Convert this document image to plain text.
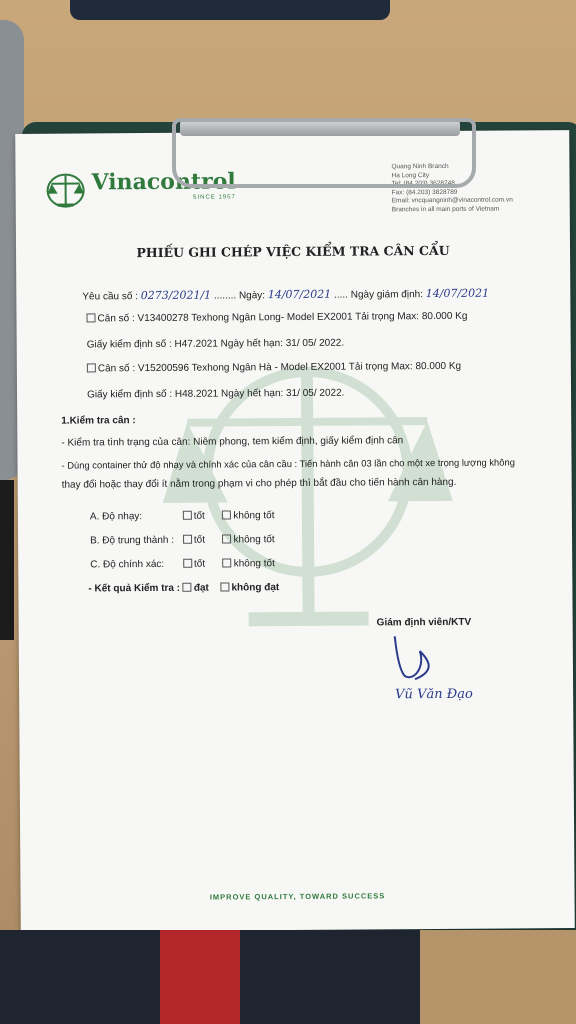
Vinacontrol
SINCE 1957
Quang Ninh Branch
Ha Long City
Tel: (84.203) 3628748
Fax: (84.203) 3828789
Email: vncquangninh@vinacontrol.com.vn
Branches in all main ports of Vietnam
PHIẾU GHI CHÉP VIỆC KIỂM TRA CÂN CẨU
Yêu cầu số : 0273/2021/1 ........ Ngày: 14/07/2021 ..... Ngày giám định: 14/07/2021
Cân số : V13400278 Texhong Ngân Long- Model EX2001 Tải trọng Max: 80.000 Kg
Giấy kiểm định số : H47.2021 Ngày hết hạn: 31/ 05/ 2022.
Cân số : V15200596 Texhong Ngân Hà - Model EX2001 Tải trọng Max: 80.000 Kg
Giấy kiểm định số : H48.2021 Ngày hết hạn: 31/ 05/ 2022.
1.Kiểm tra cân :
- Kiểm tra tình trạng của cân: Niêm phong, tem kiểm định, giấy kiểm định cân
- Dùng container thử độ nhạy và chính xác của cân cầu : Tiến hành cân 03 lần cho một xe trọng lượng không
thay đổi hoặc thay đổi ít nằm trong phạm vi cho phép thì bắt đầu cho tiến hành cân hàng.
A. Độ nhạy:	tốt	không tốt
B. Độ trung thành : tốt	không tốt
C. Độ chính xác:	tốt	không tốt
- Kết quả Kiểm tra : đạt không đạt
Giám định viên/KTV
Vũ Văn Đạo
IMPROVE QUALITY, TOWARD SUCCESS
